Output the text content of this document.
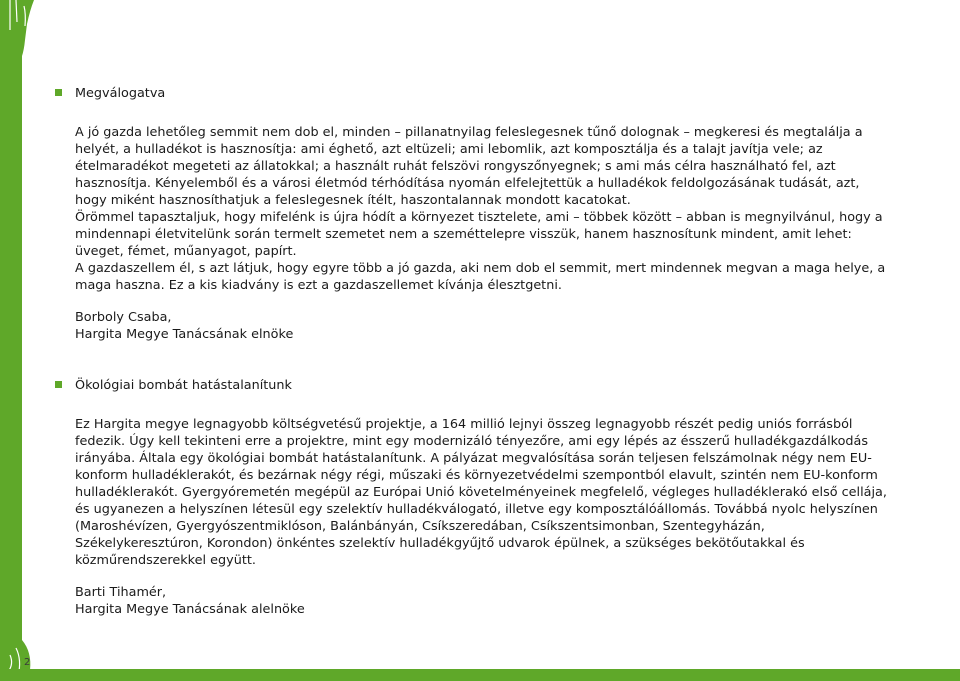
2
Megválogatva

A jó gazda lehetőleg semmit nem dob el, minden – pillanatnyilag feleslegesnek tűnő dolognak – megkeresi és megtalálja a helyét, a hulladékot is hasznosítja: ami éghető, azt eltüzeli; ami lebomlik, azt komposztálja és a talajt javítja vele; az ételmaradékot megeteti az állatokkal; a használt ruhát felszövi rongyszőnyegnek; s ami más célra használható fel, azt hasznosítja. Kényelemből és a városi életmód térhódítása nyomán elfelejtettük a hulladékok feldolgozásának tudását, azt, hogy miként hasznosíthatjuk a feleslegesnek ítélt, haszontalannak mondott kacatokat.

Örömmel tapasztaljuk, hogy mifelénk is újra hódít a környezet tisztelete, ami – többek között – abban is megnyilvánul, hogy a mindennapi életvitelünk során termelt szemetet nem a szeméttelepre visszük, hanem hasznosítunk mindent, amit lehet: üveget, fémet, műanyagot, papírt.

A gazdaszellem él, s azt látjuk, hogy egyre több a jó gazda, aki nem dob el semmit, mert mindennek megvan a maga helye, a maga haszna. Ez a kis kiadvány is ezt a gazdaszellemet kívánja élesztgetni.

Borboly Csaba,

Hargita Megye Tanácsának elnöke

Ökológiai bombát hatástalanítunk

Ez Hargita megye legnagyobb költségvetésű projektje, a 164 millió lejnyi összeg legnagyobb részét pedig uniós forrásból fedezik. Úgy kell tekinteni erre a projektre, mint egy modernizáló tényezőre, ami egy lépés az ésszerű hulladékgazdálkodás irányába. Általa egy ökológiai bombát hatástalanítunk. A pályázat megvalósítása során teljesen felszámolnak négy nem EU-konform hulladéklerakót, és bezárnak négy régi, műszaki és környezetvédelmi szempontból elavult, szintén nem EU-konform hulladéklerakót. Gyergyóremetén megépül az Európai Unió követelményeinek megfelelő, végleges hulladéklerakó első cellája, és ugyanezen a helyszínen létesül egy szelektív hulladékválogató, illetve egy komposztálóállomás. Továbbá nyolc helyszínen (Maroshévízen, Gyergyószentmiklóson, Balánbányán, Csíkszeredában, Csíkszentsimonban, Szentegyházán, Székelykeresztúron, Korondon) önkéntes szelektív hulladékgyűjtő udvarok épülnek, a szükséges bekötőutakkal és közműrendszerekkel együtt.

Barti Tihamér,

Hargita Megye Tanácsának alelnöke
